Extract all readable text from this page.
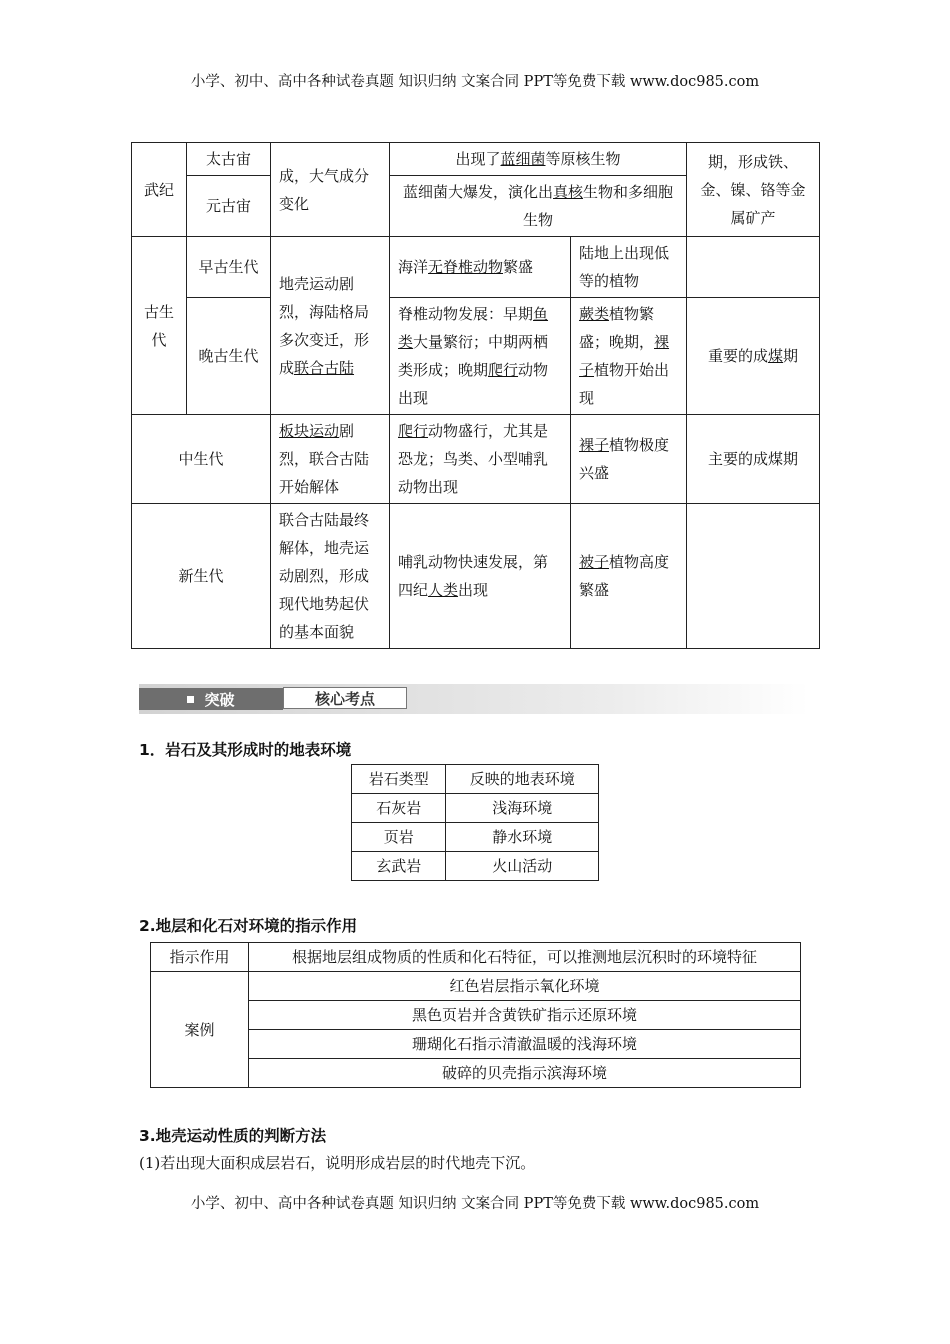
小学、初中、高中各种试卷真题 知识归纳 文案合同 PPT等免费下载 www.doc985.com
武纪	太古宙	成，大气成分变化	出现了蓝细菌等原核生物		期，形成铁、金、镍、铬等金属矿产
	元古宙		蓝细菌大爆发，演化出真核生物和多细胞生物		
古生代	早古生代	地壳运动剧烈，海陆格局多次变迁，形成联合古陆	海洋无脊椎动物繁盛	陆地上出现低等的植物	
	晚古生代		脊椎动物发展：早期鱼类大量繁衍；中期两栖类形成；晚期爬行动物出现	蕨类植物繁盛；晚期，裸子植物开始出现	重要的成煤期
中生代		板块运动剧烈，联合古陆开始解体	爬行动物盛行，尤其是恐龙；鸟类、小型哺乳动物出现	裸子植物极度兴盛	主要的成煤期
新生代		联合古陆最终解体，地壳运动剧烈，形成现代地势起伏的基本面貌	哺乳动物快速发展，第四纪人类出现	被子植物高度繁盛	
突破	核心考点
1．岩石及其形成时的地表环境
岩石类型	反映的地表环境
石灰岩	浅海环境
页岩	静水环境
玄武岩	火山活动
2.地层和化石对环境的指示作用
指示作用	根据地层组成物质的性质和化石特征，可以推测地层沉积时的环境特征
案例	红色岩层指示氧化环境
	黑色页岩并含黄铁矿指示还原环境
	珊瑚化石指示清澈温暖的浅海环境
	破碎的贝壳指示滨海环境
3.地壳运动性质的判断方法
(1)若出现大面积成层岩石，说明形成岩层的时代地壳下沉。
小学、初中、高中各种试卷真题 知识归纳 文案合同 PPT等免费下载 www.doc985.com
